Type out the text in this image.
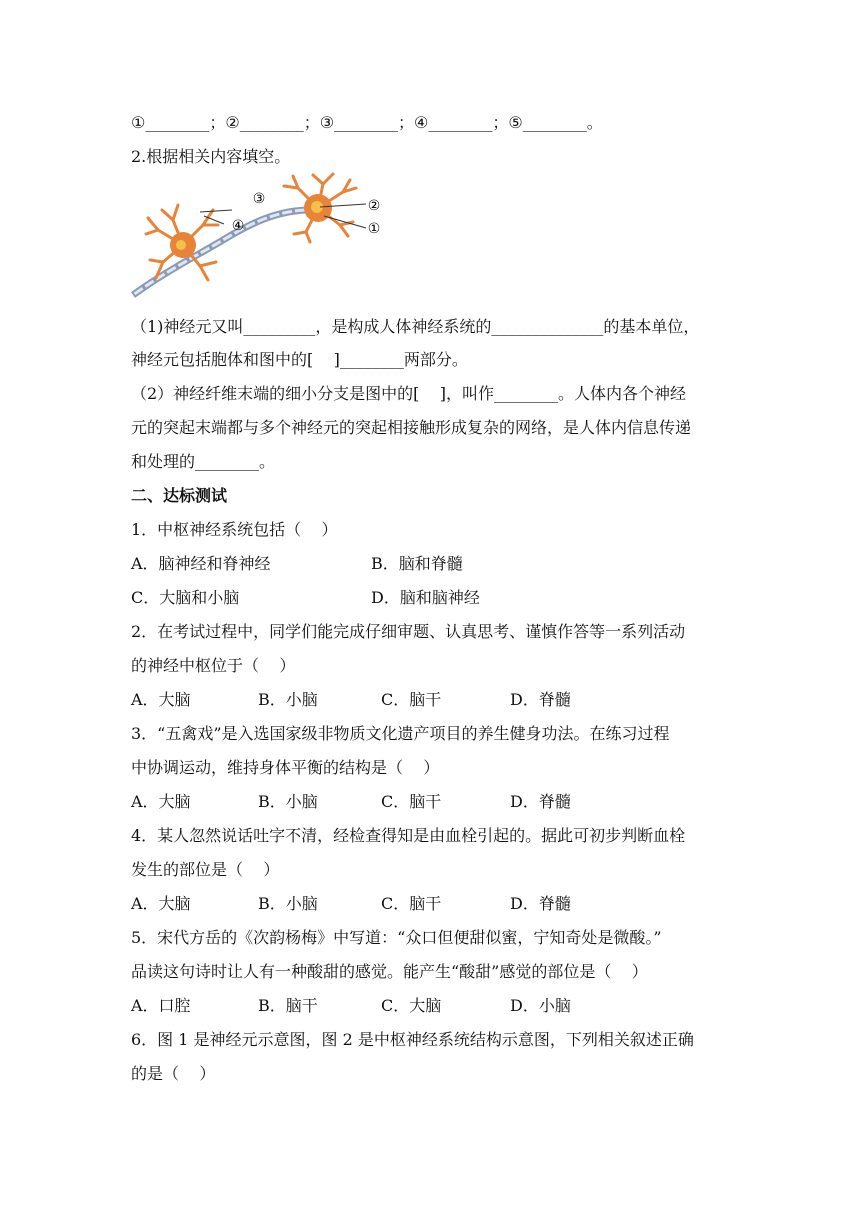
①________；②________；③________；④________；⑤________。
2.根据相关内容填空。
③
④
②
①
（1)神经元又叫_________，是构成人体神经系统的______________的基本单位，
神经元包括胞体和图中的[    ]________两部分。
（2）神经纤维末端的细小分支是图中的[    ]，叫作________。人体内各个神经
元的突起末端都与多个神经元的突起相接触形成复杂的网络，是人体内信息传递
和处理的________。
二、达标测试
1．中枢神经系统包括（    ）
A．脑神经和脊神经	B．脑和脊髓
C．大脑和小脑	D．脑和脑神经
2．在考试过程中，同学们能完成仔细审题、认真思考、谨慎作答等一系列活动
的神经中枢位于（    ）
A．大脑	B．小脑	C．脑干	D．脊髓
3．“五禽戏”是入选国家级非物质文化遗产项目的养生健身功法。在练习过程
中协调运动，维持身体平衡的结构是（    ）
A．大脑	B．小脑	C．脑干	D．脊髓
4．某人忽然说话吐字不清，经检查得知是由血栓引起的。据此可初步判断血栓
发生的部位是（    ）
A．大脑	B．小脑	C．脑干	D．脊髓
5．宋代方岳的《次韵杨梅》中写道：“众口但便甜似蜜，宁知奇处是微酸。”
品读这句诗时让人有一种酸甜的感觉。能产生“酸甜”感觉的部位是（    ）
A．口腔	B．脑干	C．大脑	D．小脑
6．图 1 是神经元示意图，图 2 是中枢神经系统结构示意图，下列相关叙述正确
的是（    ）
